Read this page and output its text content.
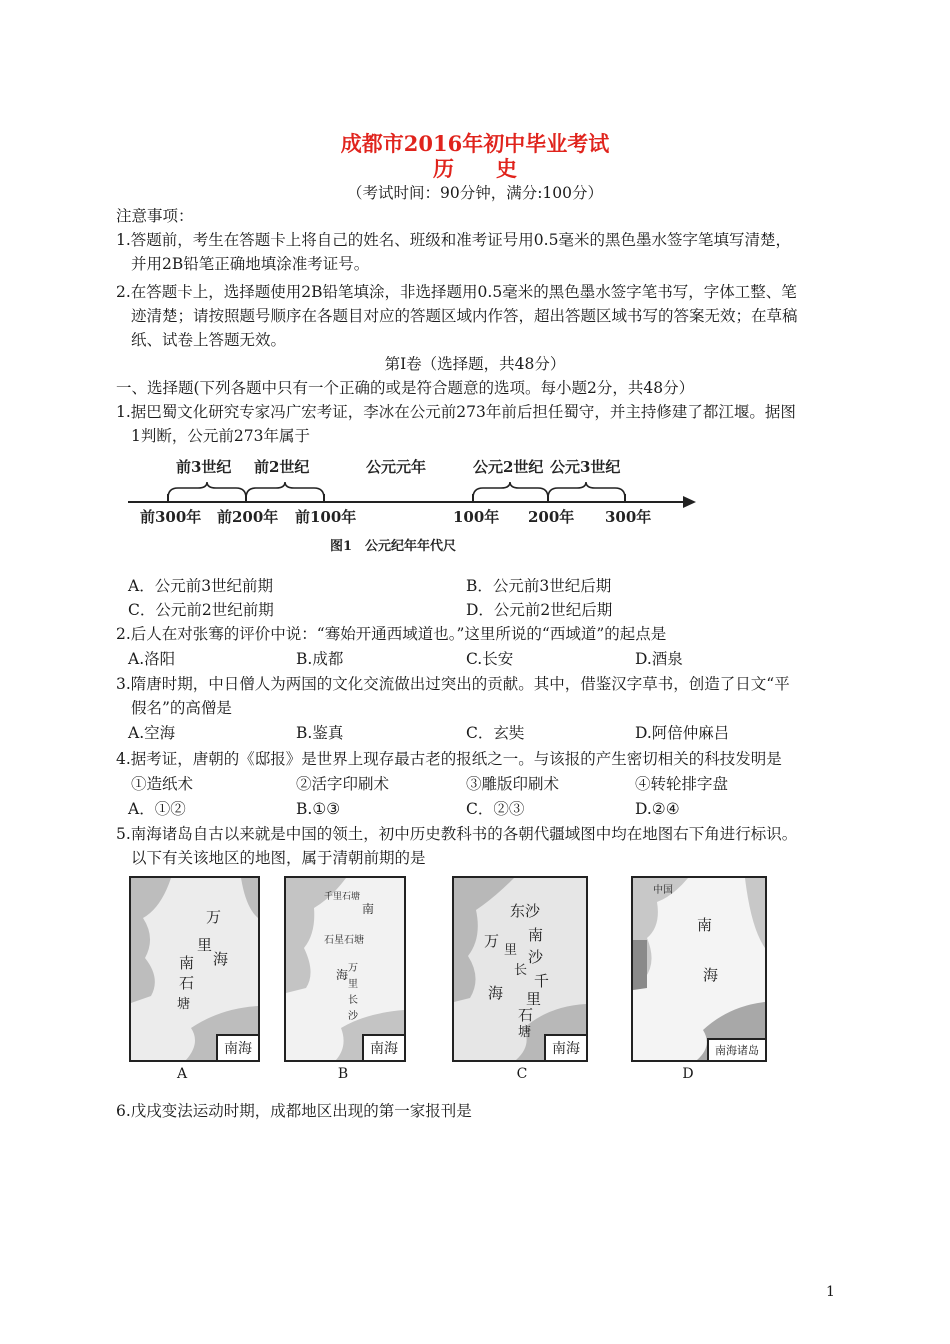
成都市2016年初中毕业考试
历　　史
（考试时间：90分钟，满分:100分）
注意事项：
1.答题前，考生在答题卡上将自己的姓名、班级和准考证号用0.5毫米的黑色墨水签字笔填写清楚，
并用2B铅笔正确地填涂准考证号。
2.在答题卡上，选择题使用2B铅笔填涂，非选择题用0.5毫米的黑色墨水签字笔书写，字体工整、笔
迹清楚；请按照题号顺序在各题目对应的答题区域内作答，超出答题区域书写的答案无效；在草稿
纸、试卷上答题无效。
第Ⅰ卷（选择题，共48分）
一、选择题(下列各题中只有一个正确的或是符合题意的选项。每小题2分，共48分）
1.据巴蜀文化研究专家冯广宏考证，李冰在公元前273年前后担任蜀守，并主持修建了都江堰。据图
1判断，公元前273年属于
前3世纪 前2世纪	公元元年	公元2世纪 公元3世纪
前300年 前200年 前100年	100年 200年 300年
图1　公元纪年年代尺
A．公元前3世纪前期	B．公元前3世纪后期
C．公元前2世纪前期	D．公元前2世纪后期
2.后人在对张骞的评价中说：“骞始开通西域道也。”这里所说的“西域道”的起点是
A.洛阳	B.成都	C.长安	D.酒泉
3.隋唐时期，中日僧人为两国的文化交流做出过突出的贡献。其中，借鉴汉字草书，创造了日文“平
假名”的高僧是
A.空海	B.鉴真	C．玄奘	D.阿倍仲麻吕
4.据考证，唐朝的《邸报》是世界上现存最古老的报纸之一。与该报的产生密切相关的科技发明是
①造纸术	②活字印刷术	③雕版印刷术	④转轮排字盘
A．①②	B.①③	C．②③	D.②④
5.南海诸岛自古以来就是中国的领土，初中历史教科书的各朝代疆域图中均在地图右下角进行标识。
以下有关该地区的地图，属于清朝前期的是
万
里
海
南
石
塘
南海
A
南
石星石塘
海 万
里
长
沙
千里石塘
南海
B
东沙
万
里
南
沙
长
千
海 里
石
塘
南海
C
中国
南
海
南海诸岛
D
6.戊戌变法运动时期，成都地区出现的第一家报刊是
1
